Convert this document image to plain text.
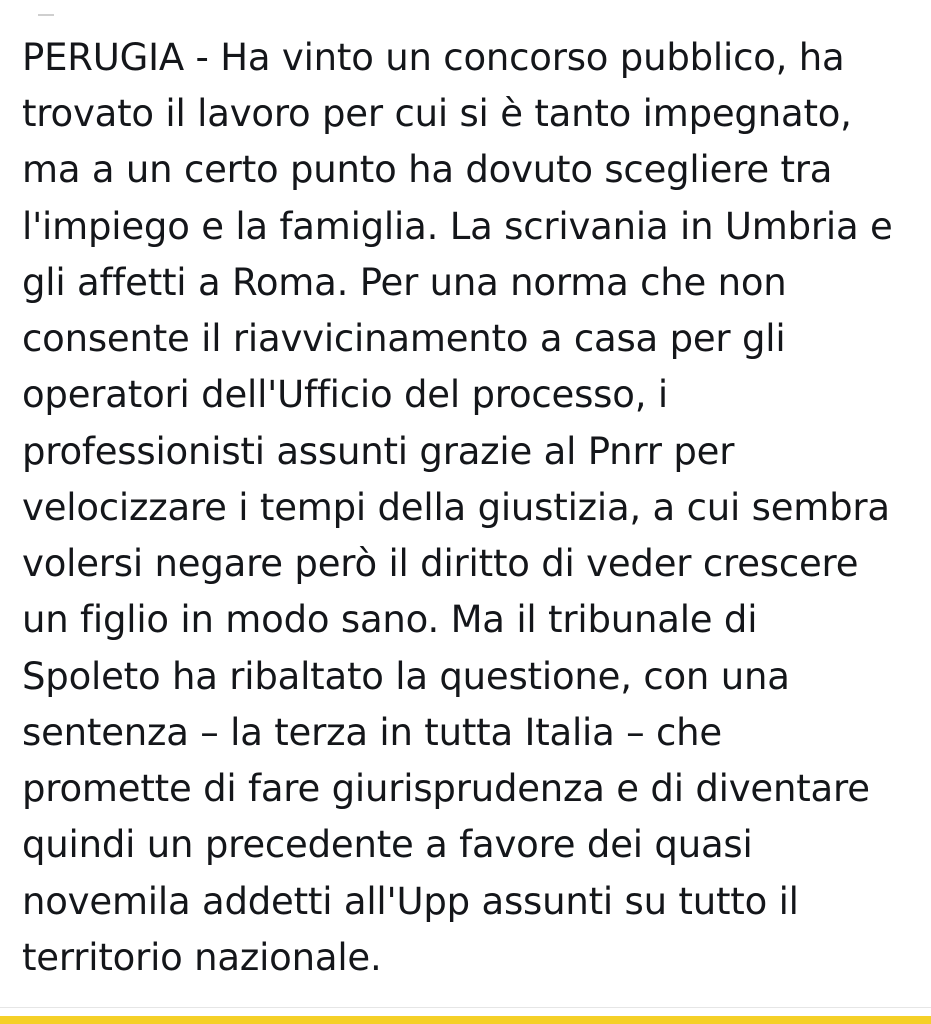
PERUGIA - Ha vinto un concorso pubblico, ha trovato il lavoro per cui si è tanto impegnato, ma a un certo punto ha dovuto scegliere tra l'impiego e la famiglia. La scrivania in Umbria e gli affetti a Roma. Per una norma che non consente il riavvicinamento a casa per gli operatori dell'Ufficio del processo, i professionisti assunti grazie al Pnrr per velocizzare i tempi della giustizia, a cui sembra volersi negare però il diritto di veder crescere un figlio in modo sano. Ma il tribunale di Spoleto ha ribaltato la questione, con una sentenza – la terza in tutta Italia – che promette di fare giurisprudenza e di diventare quindi un precedente a favore dei quasi novemila addetti all'Upp assunti su tutto il territorio nazionale.
